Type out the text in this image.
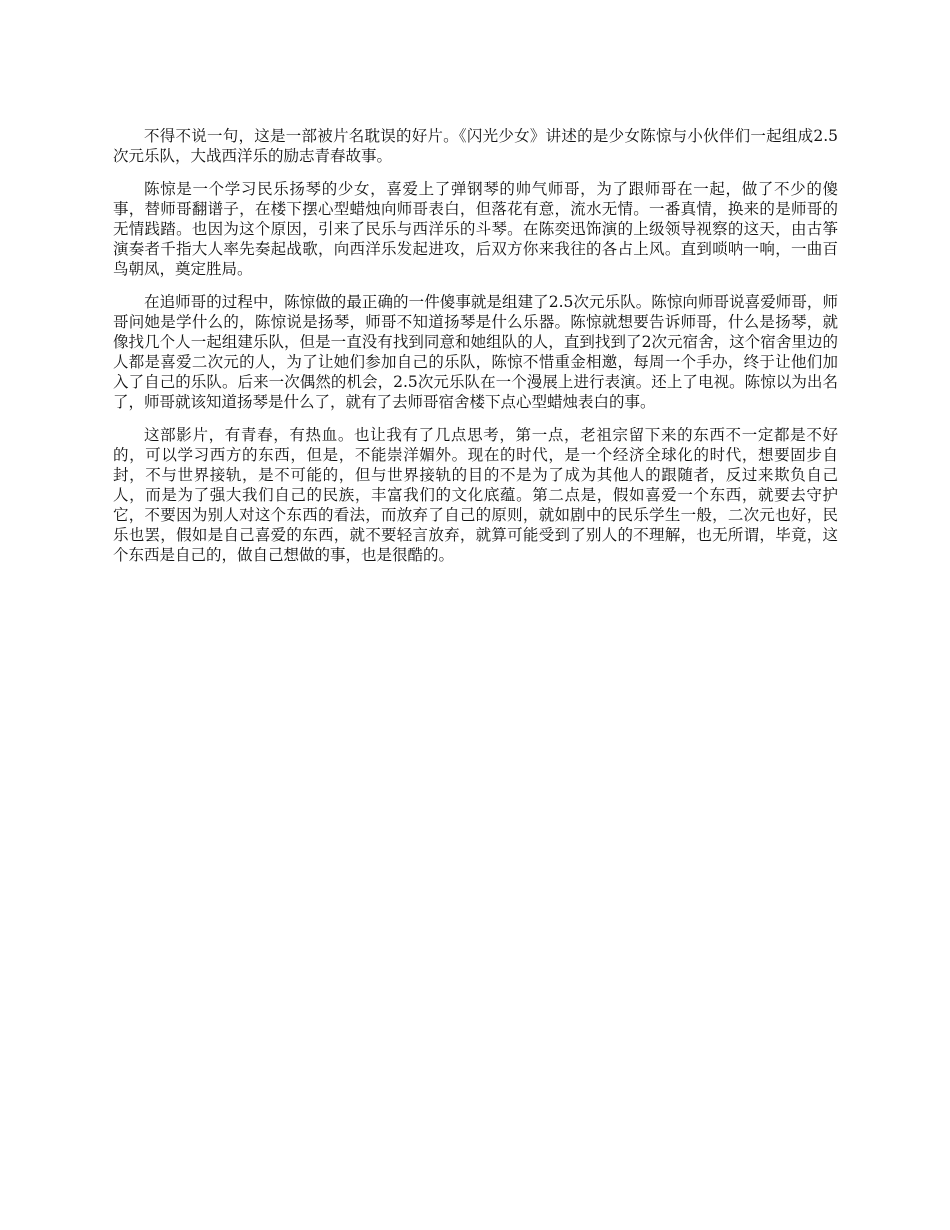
不得不说一句，这是一部被片名耽误的好片。《闪光少女》讲述的是少女陈惊与小伙伴们一起组成2.5次元乐队，大战西洋乐的励志青春故事。

陈惊是一个学习民乐扬琴的少女，喜爱上了弹钢琴的帅气师哥，为了跟师哥在一起，做了不少的傻事，替师哥翻谱子，在楼下摆心型蜡烛向师哥表白，但落花有意，流水无情。一番真情，换来的是师哥的无情践踏。也因为这个原因，引来了民乐与西洋乐的斗琴。在陈奕迅饰演的上级领导视察的这天，由古筝演奏者千指大人率先奏起战歌，向西洋乐发起进攻，后双方你来我往的各占上风。直到唢呐一响，一曲百鸟朝凤，奠定胜局。

在追师哥的过程中，陈惊做的最正确的一件傻事就是组建了2.5次元乐队。陈惊向师哥说喜爱师哥，师哥问她是学什么的，陈惊说是扬琴，师哥不知道扬琴是什么乐器。陈惊就想要告诉师哥，什么是扬琴，就像找几个人一起组建乐队，但是一直没有找到同意和她组队的人，直到找到了2次元宿舍，这个宿舍里边的人都是喜爱二次元的人，为了让她们参加自己的乐队，陈惊不惜重金相邀，每周一个手办，终于让他们加入了自己的乐队。后来一次偶然的机会，2.5次元乐队在一个漫展上进行表演。还上了电视。陈惊以为出名了，师哥就该知道扬琴是什么了，就有了去师哥宿舍楼下点心型蜡烛表白的事。

这部影片，有青春，有热血。也让我有了几点思考，第一点，老祖宗留下来的东西不一定都是不好的，可以学习西方的东西，但是，不能崇洋媚外。现在的时代，是一个经济全球化的时代，想要固步自封，不与世界接轨，是不可能的，但与世界接轨的目的不是为了成为其他人的跟随者，反过来欺负自己人，而是为了强大我们自己的民族，丰富我们的文化底蕴。第二点是，假如喜爱一个东西，就要去守护它，不要因为别人对这个东西的看法，而放弃了自己的原则，就如剧中的民乐学生一般，二次元也好，民乐也罢，假如是自己喜爱的东西，就不要轻言放弃，就算可能受到了别人的不理解，也无所谓，毕竟，这个东西是自己的，做自己想做的事，也是很酷的。
